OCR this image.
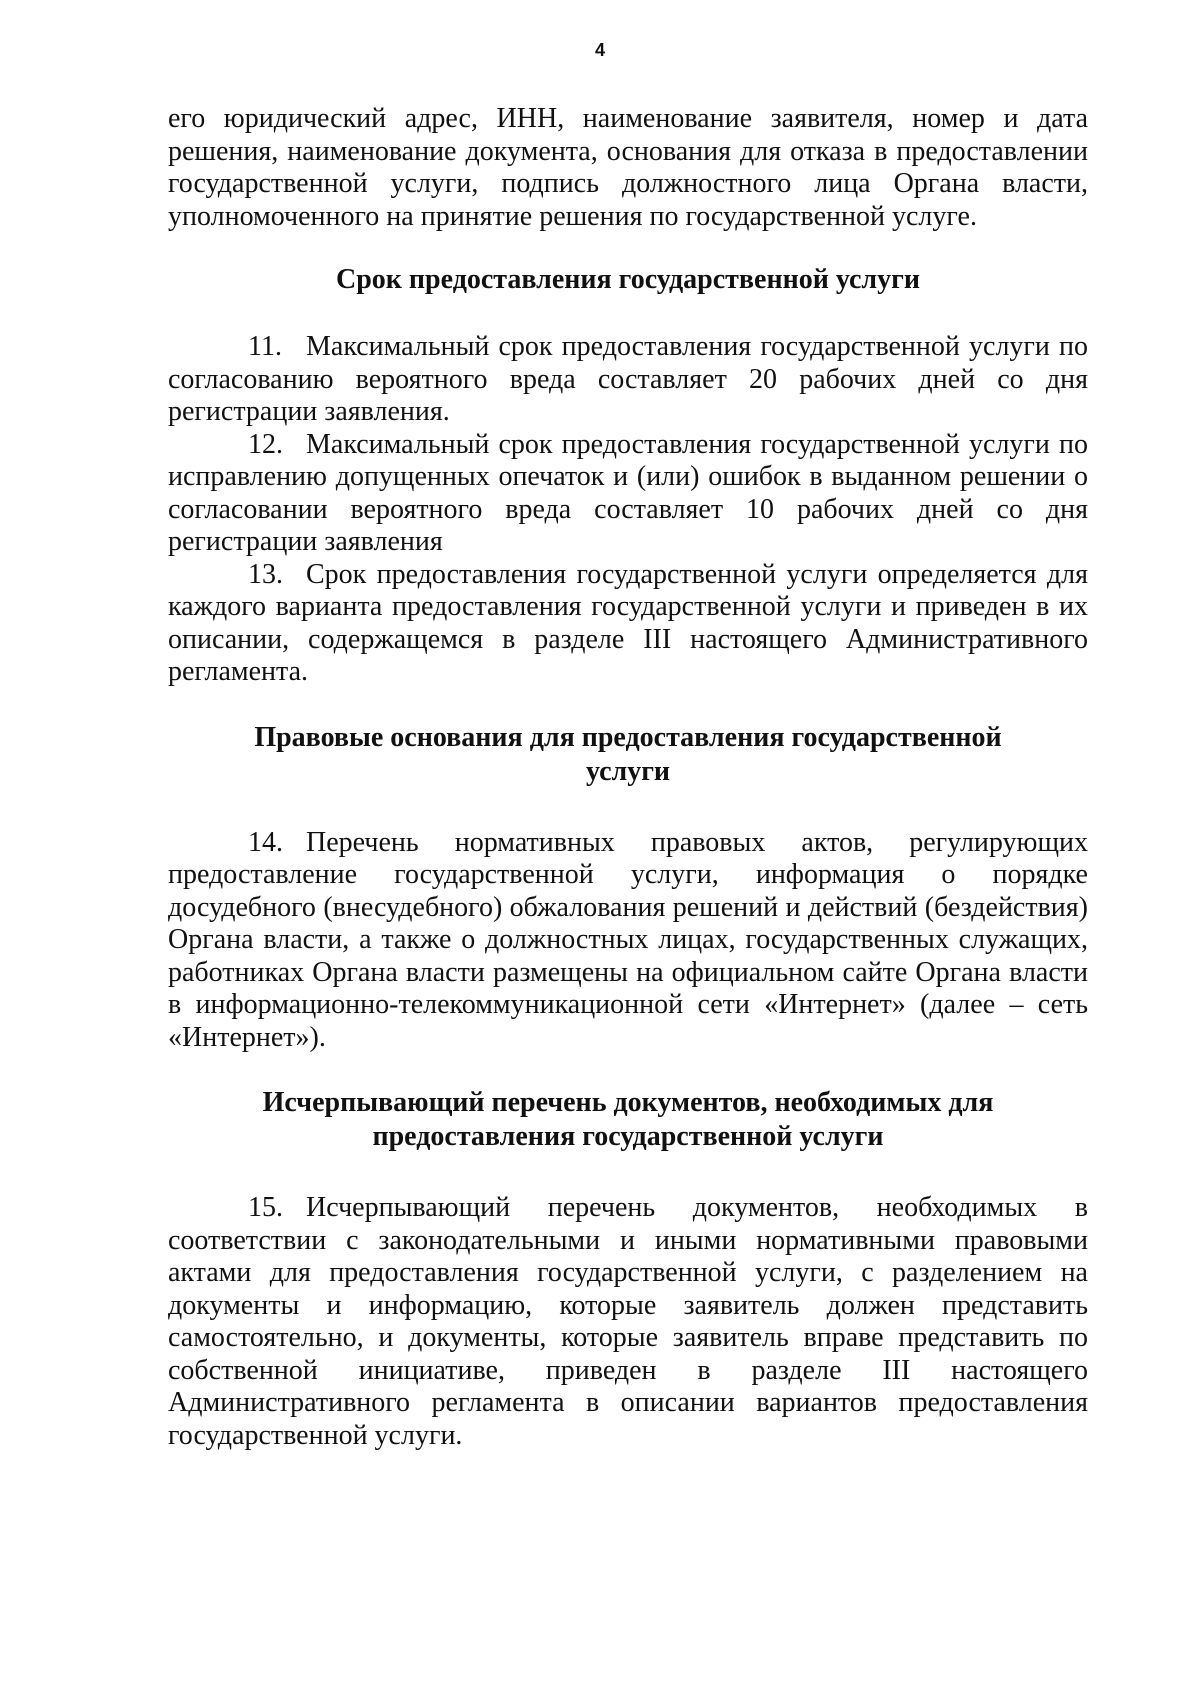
4

его юридический адрес, ИНН, наименование заявителя, номер и дата решения, наименование документа, основания для отказа в предоставлении государственной услуги, подпись должностного лица Органа власти, уполномоченного на принятие решения по государственной услуге.

Срок предоставления государственной услуги

11. Максимальный срок предоставления государственной услуги по согласованию вероятного вреда составляет 20 рабочих дней со дня регистрации заявления.

12. Максимальный срок предоставления государственной услуги по исправлению допущенных опечаток и (или) ошибок в выданном решении о согласовании вероятного вреда составляет 10 рабочих дней со дня регистрации заявления

13. Срок предоставления государственной услуги определяется для каждого варианта предоставления государственной услуги и приведен в их описании, содержащемся в разделе III настоящего Административного регламента.

Правовые основания для предоставления государственной
услуги

14. Перечень нормативных правовых актов, регулирующих предоставление государственной услуги, информация о порядке досудебного (внесудебного) обжалования решений и действий (бездействия) Органа власти, а также о должностных лицах, государственных служащих, работниках Органа власти размещены на официальном сайте Органа власти в информационно-телекоммуникационной сети «Интернет» (далее – сеть «Интернет»).

Исчерпывающий перечень документов, необходимых для
предоставления государственной услуги

15. Исчерпывающий перечень документов, необходимых в соответствии с законодательными и иными нормативными правовыми актами для предоставления государственной услуги, с разделением на документы и информацию, которые заявитель должен представить самостоятельно, и документы, которые заявитель вправе представить по собственной инициативе, приведен в разделе III настоящего Административного регламента в описании вариантов предоставления государственной услуги.
